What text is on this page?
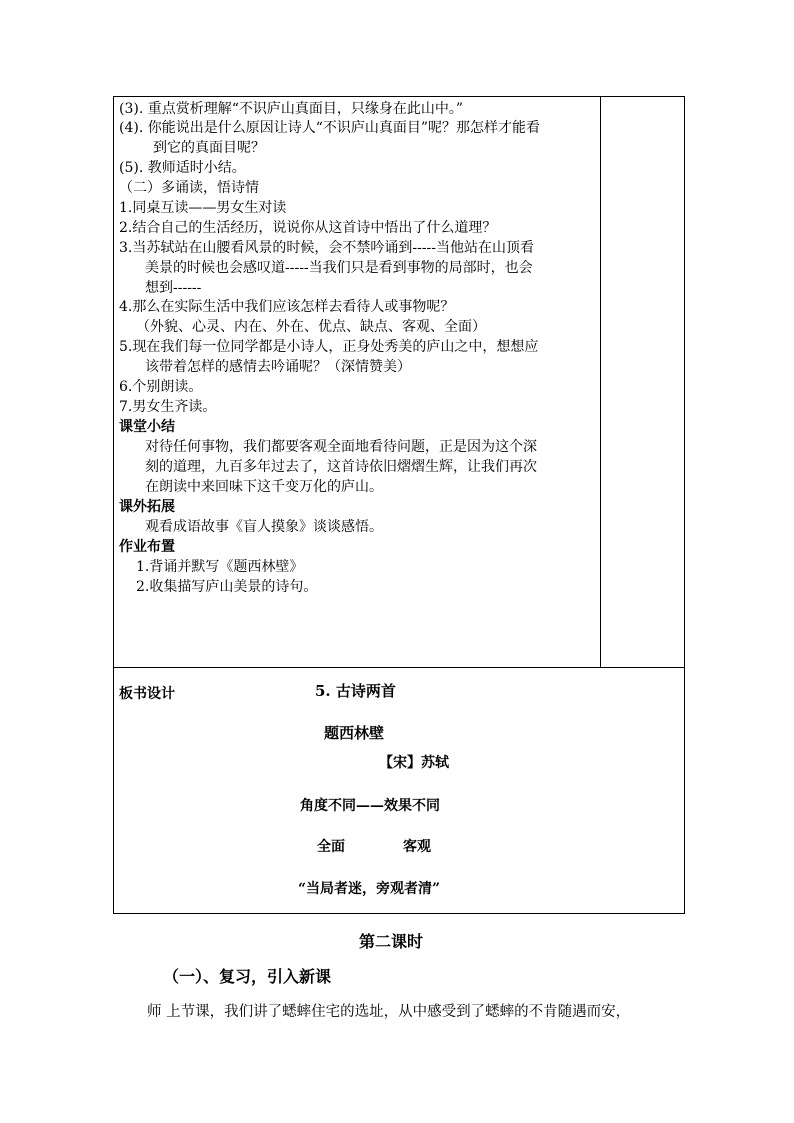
(3). 重点赏析理解“不识庐山真面目，只缘身在此山中。”
(4). 你能说出是什么原因让诗人“不识庐山真面目”呢？那怎样才能看
到它的真面目呢？
(5). 教师适时小结。
（二）多诵读，悟诗情
1.同桌互读——男女生对读
2.结合自己的生活经历，说说你从这首诗中悟出了什么道理？
3.当苏轼站在山腰看风景的时候，会不禁吟诵到-----当他站在山顶看
美景的时候也会感叹道-----当我们只是看到事物的局部时，也会
想到------
4.那么在实际生活中我们应该怎样去看待人或事物呢？
（外貌、心灵、内在、外在、优点、缺点、客观、全面）
5.现在我们每一位同学都是小诗人，正身处秀美的庐山之中，想想应
该带着怎样的感情去吟诵呢？（深情赞美）
6.个别朗读。
7.男女生齐读。
课堂小结
对待任何事物，我们都要客观全面地看待问题，正是因为这个深
刻的道理，九百多年过去了，这首诗依旧熠熠生辉，让我们再次
在朗读中来回味下这千变万化的庐山。
课外拓展
观看成语故事《盲人摸象》谈谈感悟。
作业布置
1.背诵并默写《题西林壁》
2.收集描写庐山美景的诗句。
板书设计	5. 古诗两首
题西林壁
【宋】苏轼
角度不同——效果不同
全面	客观
“当局者迷，旁观者清”
第二课时
（一）、复习，引入新课
师 上节课，我们讲了蟋蟀住宅的选址，从中感受到了蟋蟀的不肯随遇而安，
